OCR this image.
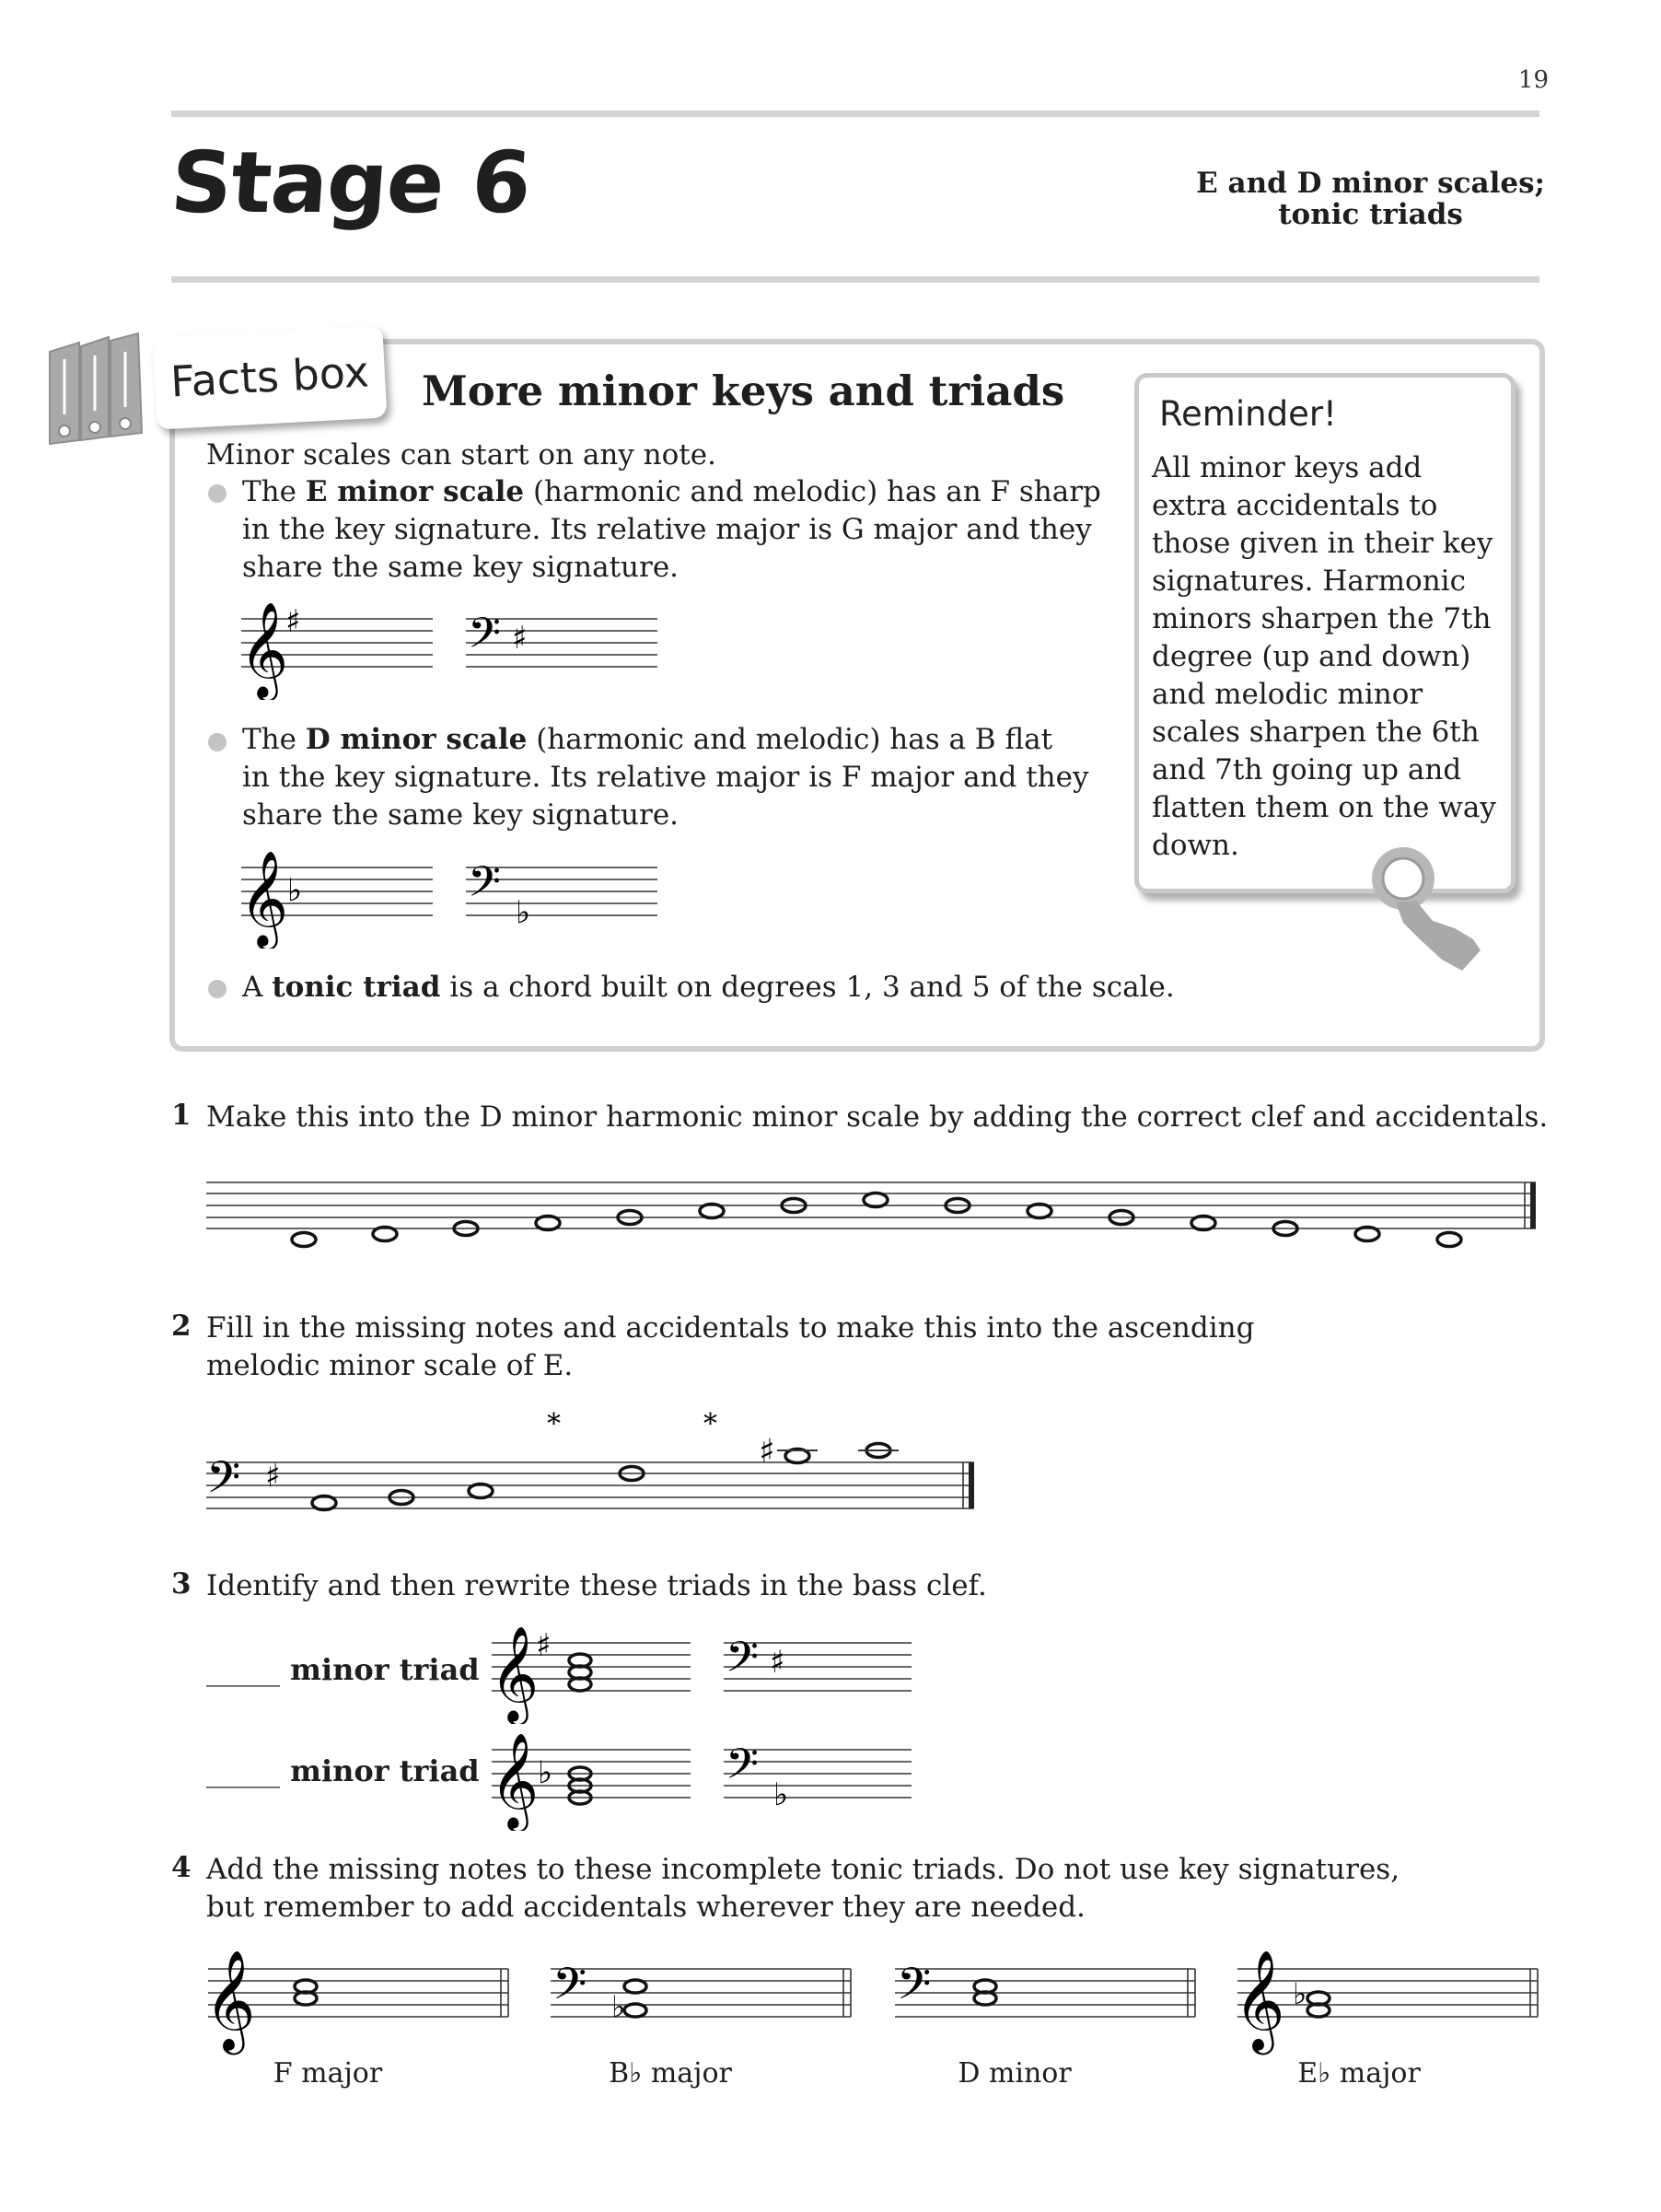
19
Stage 6	E and D minor scales;
tonic triads
Facts box	More minor keys and triads
Minor scales can start on any note.
The E minor scale (harmonic and melodic) has an F sharp
in the key signature. Its relative major is G major and they
share the same key signature.
𝄞
♯	𝄢 ♯
The D minor scale (harmonic and melodic) has a B flat
in the key signature. Its relative major is F major and they
share the same key signature.
𝄞
♭	𝄢 ♭
A tonic triad is a chord built on degrees 1, 3 and 5 of the scale.
Reminder!
All minor keys add
extra accidentals to
those given in their key
signatures. Harmonic
minors sharpen the 7th
degree (up and down)
and melodic minor
scales sharpen the 6th
and 7th going up and
flatten them on the way
down.
1 Make this into the D minor harmonic minor scale by adding the correct clef and accidentals.
2 Fill in the missing notes and accidentals to make this into the ascending
melodic minor scale of E.
𝄢 ♯
*	*
♯
3 Identify and then rewrite these triads in the bass clef.
_____ minor triad 𝄞
♯	𝄢 ♯
_____ minor triad 𝄞
♭	𝄢 ♭
4 Add the missing notes to these incomplete tonic triads. Do not use key signatures,
but remember to add accidentals wherever they are needed.
𝄞	𝄢	𝄢	𝄞
♭	♭
F major	B♭ major	D minor	E♭ major
